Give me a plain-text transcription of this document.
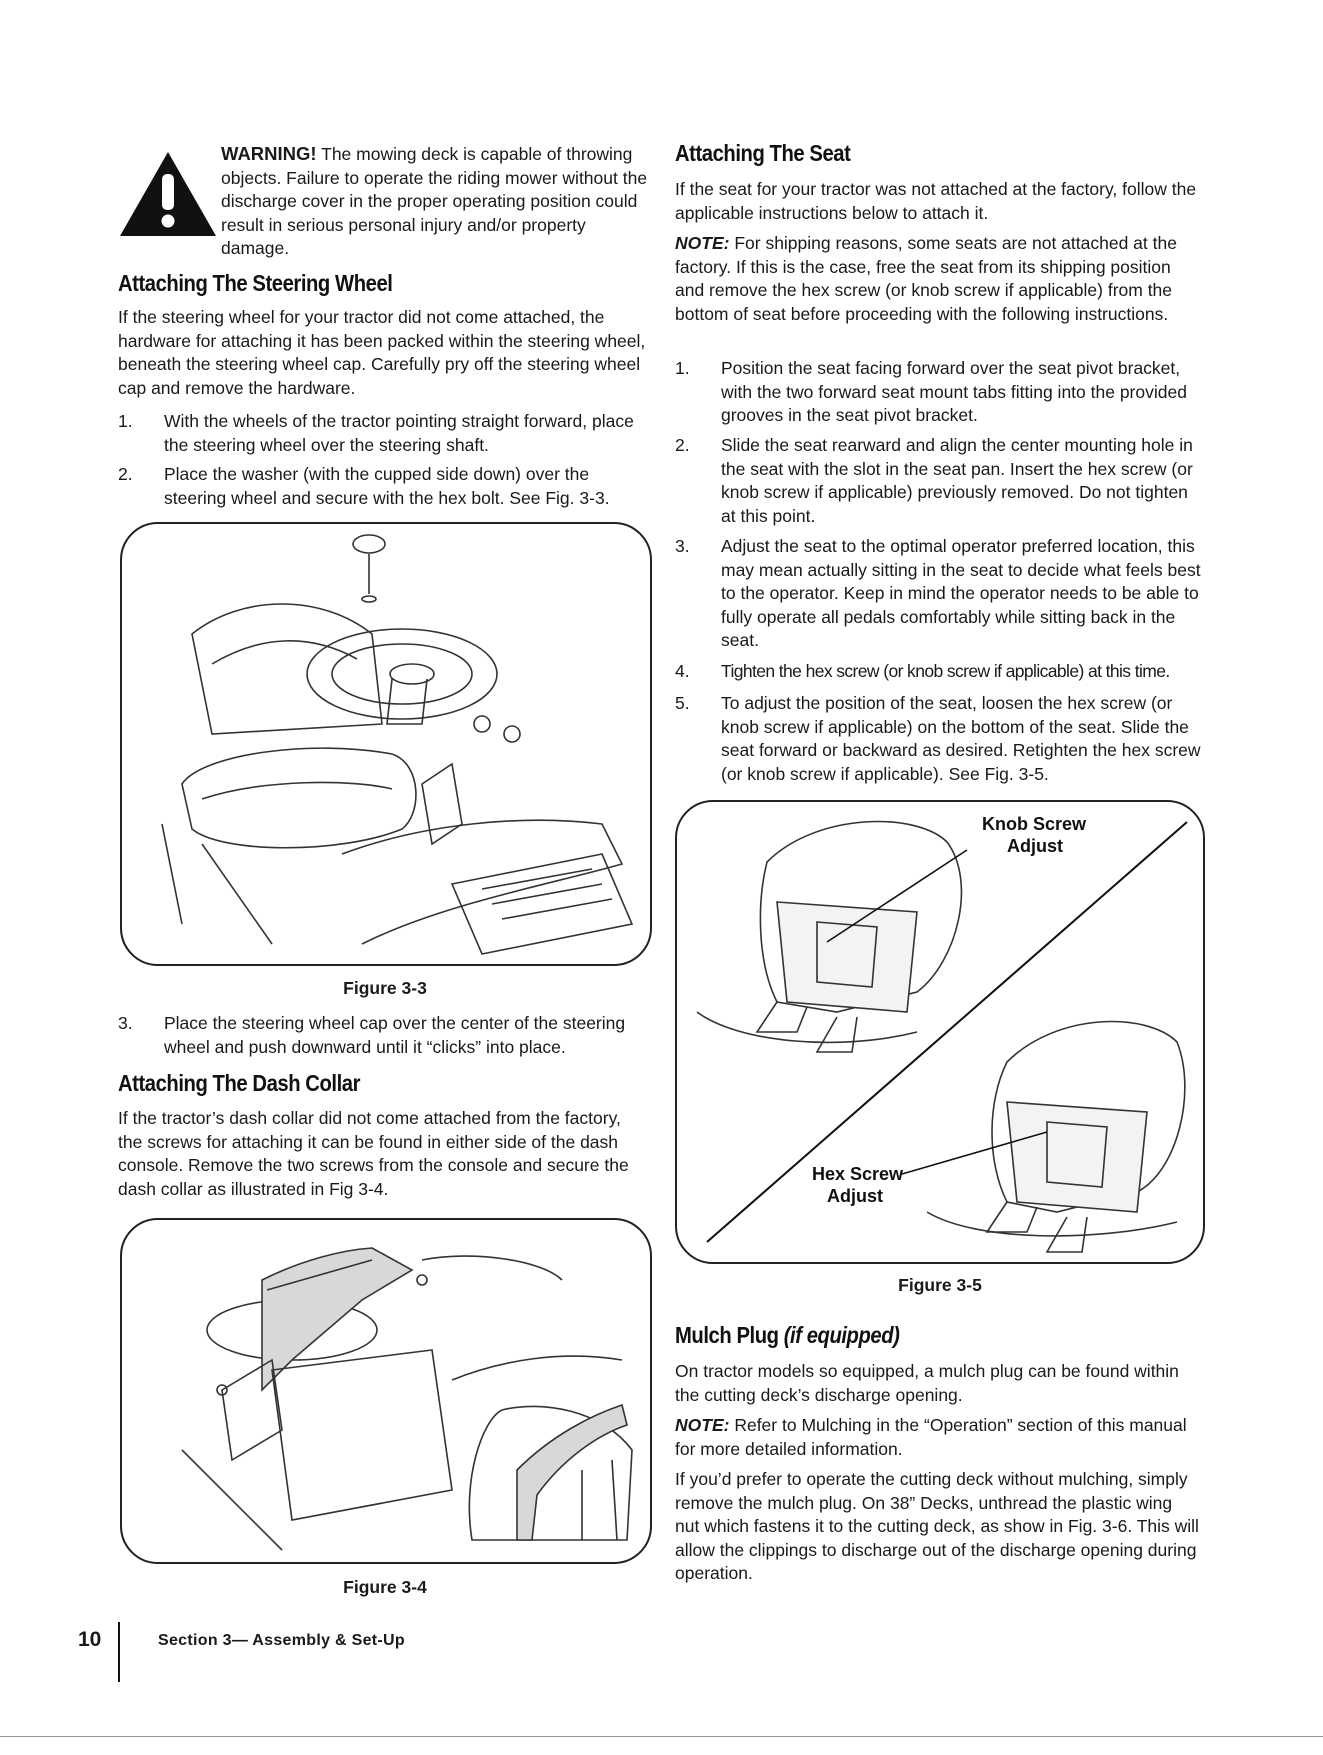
WARNING! The mowing deck is capable of throwing objects. Failure to operate the riding mower without the discharge cover in the proper operating position could result in serious personal injury and/or property damage.
Attaching The Steering Wheel

If the steering wheel for your tractor did not come attached, the hardware for attaching it has been packed within the steering wheel, beneath the steering wheel cap. Carefully pry off the steering wheel cap and remove the hardware.

1. With the wheels of the tractor pointing straight forward, place the steering wheel over the steering shaft.
2. Place the washer (with the cupped side down) over the steering wheel and secure with the hex bolt. See Fig. 3-3.
Figure 3-3
3. Place the steering wheel cap over the center of the steering wheel and push downward until it “clicks” into place.
Attaching The Dash Collar

If the tractor’s dash collar did not come attached from the factory, the screws for attaching it can be found in either side of the dash console. Remove the two screws from the console and secure the dash collar as illustrated in Fig 3-4.

Figure 3-4
Attaching The Seat

If the seat for your tractor was not attached at the factory, follow the applicable instructions below to attach it.

NOTE: For shipping reasons, some seats are not attached at the factory. If this is the case, free the seat from its shipping position and remove the hex screw (or knob screw if applicable) from the bottom of seat before proceeding with the following instructions.

1. Position the seat facing forward over the seat pivot bracket, with the two forward seat mount tabs fitting into the provided grooves in the seat pivot bracket.
2. Slide the seat rearward and align the center mounting hole in the seat with the slot in the seat pan. Insert the hex screw (or knob screw if applicable) previously removed. Do not tighten at this point.
3. Adjust the seat to the optimal operator preferred location, this may mean actually sitting in the seat to decide what feels best to the operator. Keep in mind the operator needs to be able to fully operate all pedals comfortably while sitting back in the seat.
4. Tighten the hex screw (or knob screw if applicable) at this time.
5. To adjust the position of the seat, loosen the hex screw (or knob screw if applicable) on the bottom of the seat. Slide the seat forward or backward as desired. Retighten the hex screw (or knob screw if applicable). See Fig. 3-5.
Knob Screw
Adjust
Hex Screw
Adjust
Figure 3-5
Mulch Plug (if equipped)

On tractor models so equipped, a mulch plug can be found within the cutting deck’s discharge opening.

NOTE: Refer to Mulching in the “Operation” section of this manual for more detailed information.

If you’d prefer to operate the cutting deck without mulching, simply remove the mulch plug. On 38” Decks, unthread the plastic wing nut which fastens it to the cutting deck, as show in Fig. 3-6. This will allow the clippings to discharge out of the discharge opening during operation.

10	Section 3— Assembly & Set-Up
